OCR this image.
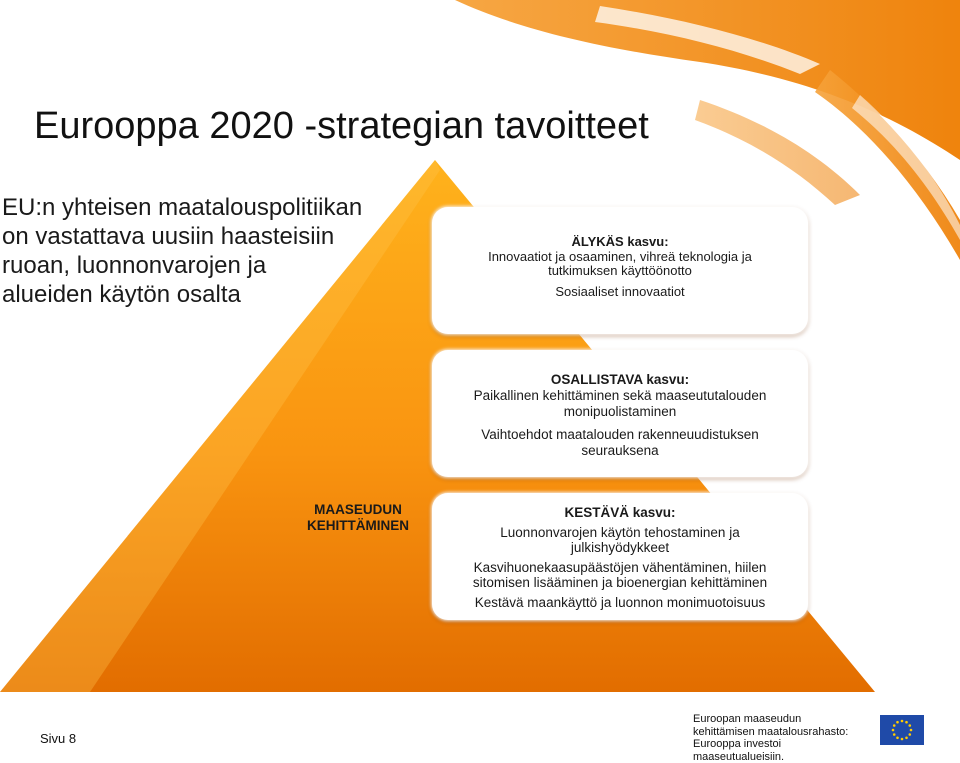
Eurooppa 2020 -strategian tavoitteet
EU:n yhteisen maatalouspolitiikan
on vastattava uusiin haasteisiin
ruoan, luonnonvarojen ja
alueiden käytön osalta
ÄLYKÄS kasvu:
Innovaatiot ja osaaminen, vihreä teknologia ja
tutkimuksen käyttöönotto
Sosiaaliset innovaatiot
OSALLISTAVA kasvu:
Paikallinen kehittäminen sekä maaseututalouden
monipuolistaminen
Vaihtoehdot maatalouden rakenneuudistuksen
seurauksena
MAASEUDUN
KEHITTÄMINEN
KESTÄVÄ kasvu:
Luonnonvarojen käytön tehostaminen ja
julkishyödykkeet
Kasvihuonekaasupäästöjen vähentäminen, hiilen
sitomisen lisääminen ja bioenergian kehittäminen
Kestävä maankäyttö ja luonnon monimuotoisuus
Sivu 8
Euroopan maaseudun
kehittämisen maatalousrahasto:
Eurooppa investoi maaseutualueisiin.
